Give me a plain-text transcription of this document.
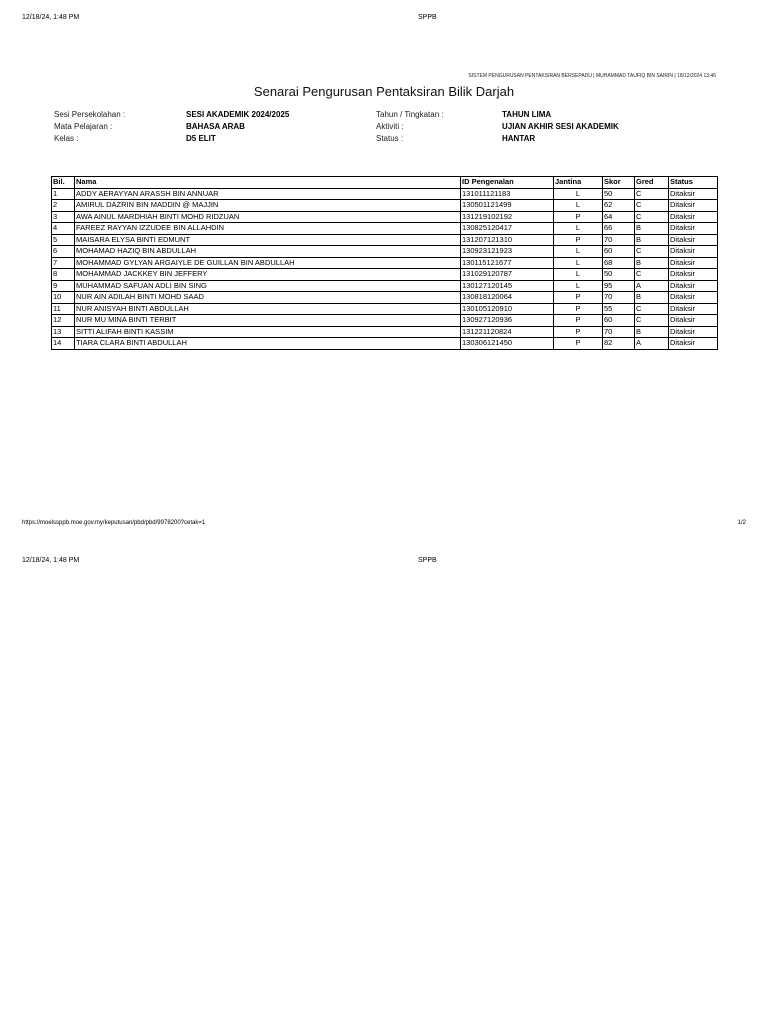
12/18/24, 1:48 PM	SPPB
SISTEM PENGURUSAN PENTAKSIRAN BERSEPADU | MUHAMMAD TAUFIQ BIN SAIRIN | 18/12/2024 13:46
Senarai Pengurusan Pentaksiran Bilik Darjah
Sesi Persekolahan :	SESI AKADEMIK 2024/2025	Tahun / Tingkatan :	TAHUN LIMA
Mata Pelajaran :	BAHASA ARAB	Aktiviti :	UJIAN AKHIR SESI AKADEMIK
Kelas :	D5 ELIT	Status :	HANTAR
Bil.	Nama	ID Pengenalan	Jantina	Skor	Gred	Status
1	ADDY AERAYYAN ARASSH BIN ANNUAR	131011121183	L	50	C	Ditaksir
2	AMIRUL DAZRIN BIN MADDIN @ MAJJIN	130501121499	L	62	C	Ditaksir
3	AWA AINUL MARDHIAH BINTI MOHD RIDZUAN	131219102192	P	64	C	Ditaksir
4	FAREEZ RAYYAN IZZUDEE BIN ALLAHDIN	130825120417	L	66	B	Ditaksir
5	MAISARA ELYSA BINTI EDMUNT	131207121310	P	70	B	Ditaksir
6	MOHAMAD HAZIQ BIN ABDULLAH	130923121923	L	60	C	Ditaksir
7	MOHAMMAD GYLYAN ARGAIYLE DE GUILLAN BIN ABDULLAH	130115121677	L	68	B	Ditaksir
8	MOHAMMAD JACKKEY BIN JEFFERY	131029120787	L	50	C	Ditaksir
9	MUHAMMAD SAFUAN ADLI BIN SING	130127120145	L	95	A	Ditaksir
10	NUR AIN ADILAH BINTI MOHD SAAD	130818120064	P	70	B	Ditaksir
11	NUR ANISYAH BINTI ABDULLAH	130105120910	P	55	C	Ditaksir
12	NUR MU MINA BINTI TERBIT	130927120936	P	60	C	Ditaksir
13	SITTI ALIFAH BINTI KASSIM	131221120824	P	70	B	Ditaksir
14	TIARA CLARA BINTI ABDULLAH	130306121450	P	82	A	Ditaksir
https://moelssppb.moe.gov.my/keputusan/pbd/pbd/9978200?cetak=1	1/2
12/18/24, 1:48 PM	SPPB
